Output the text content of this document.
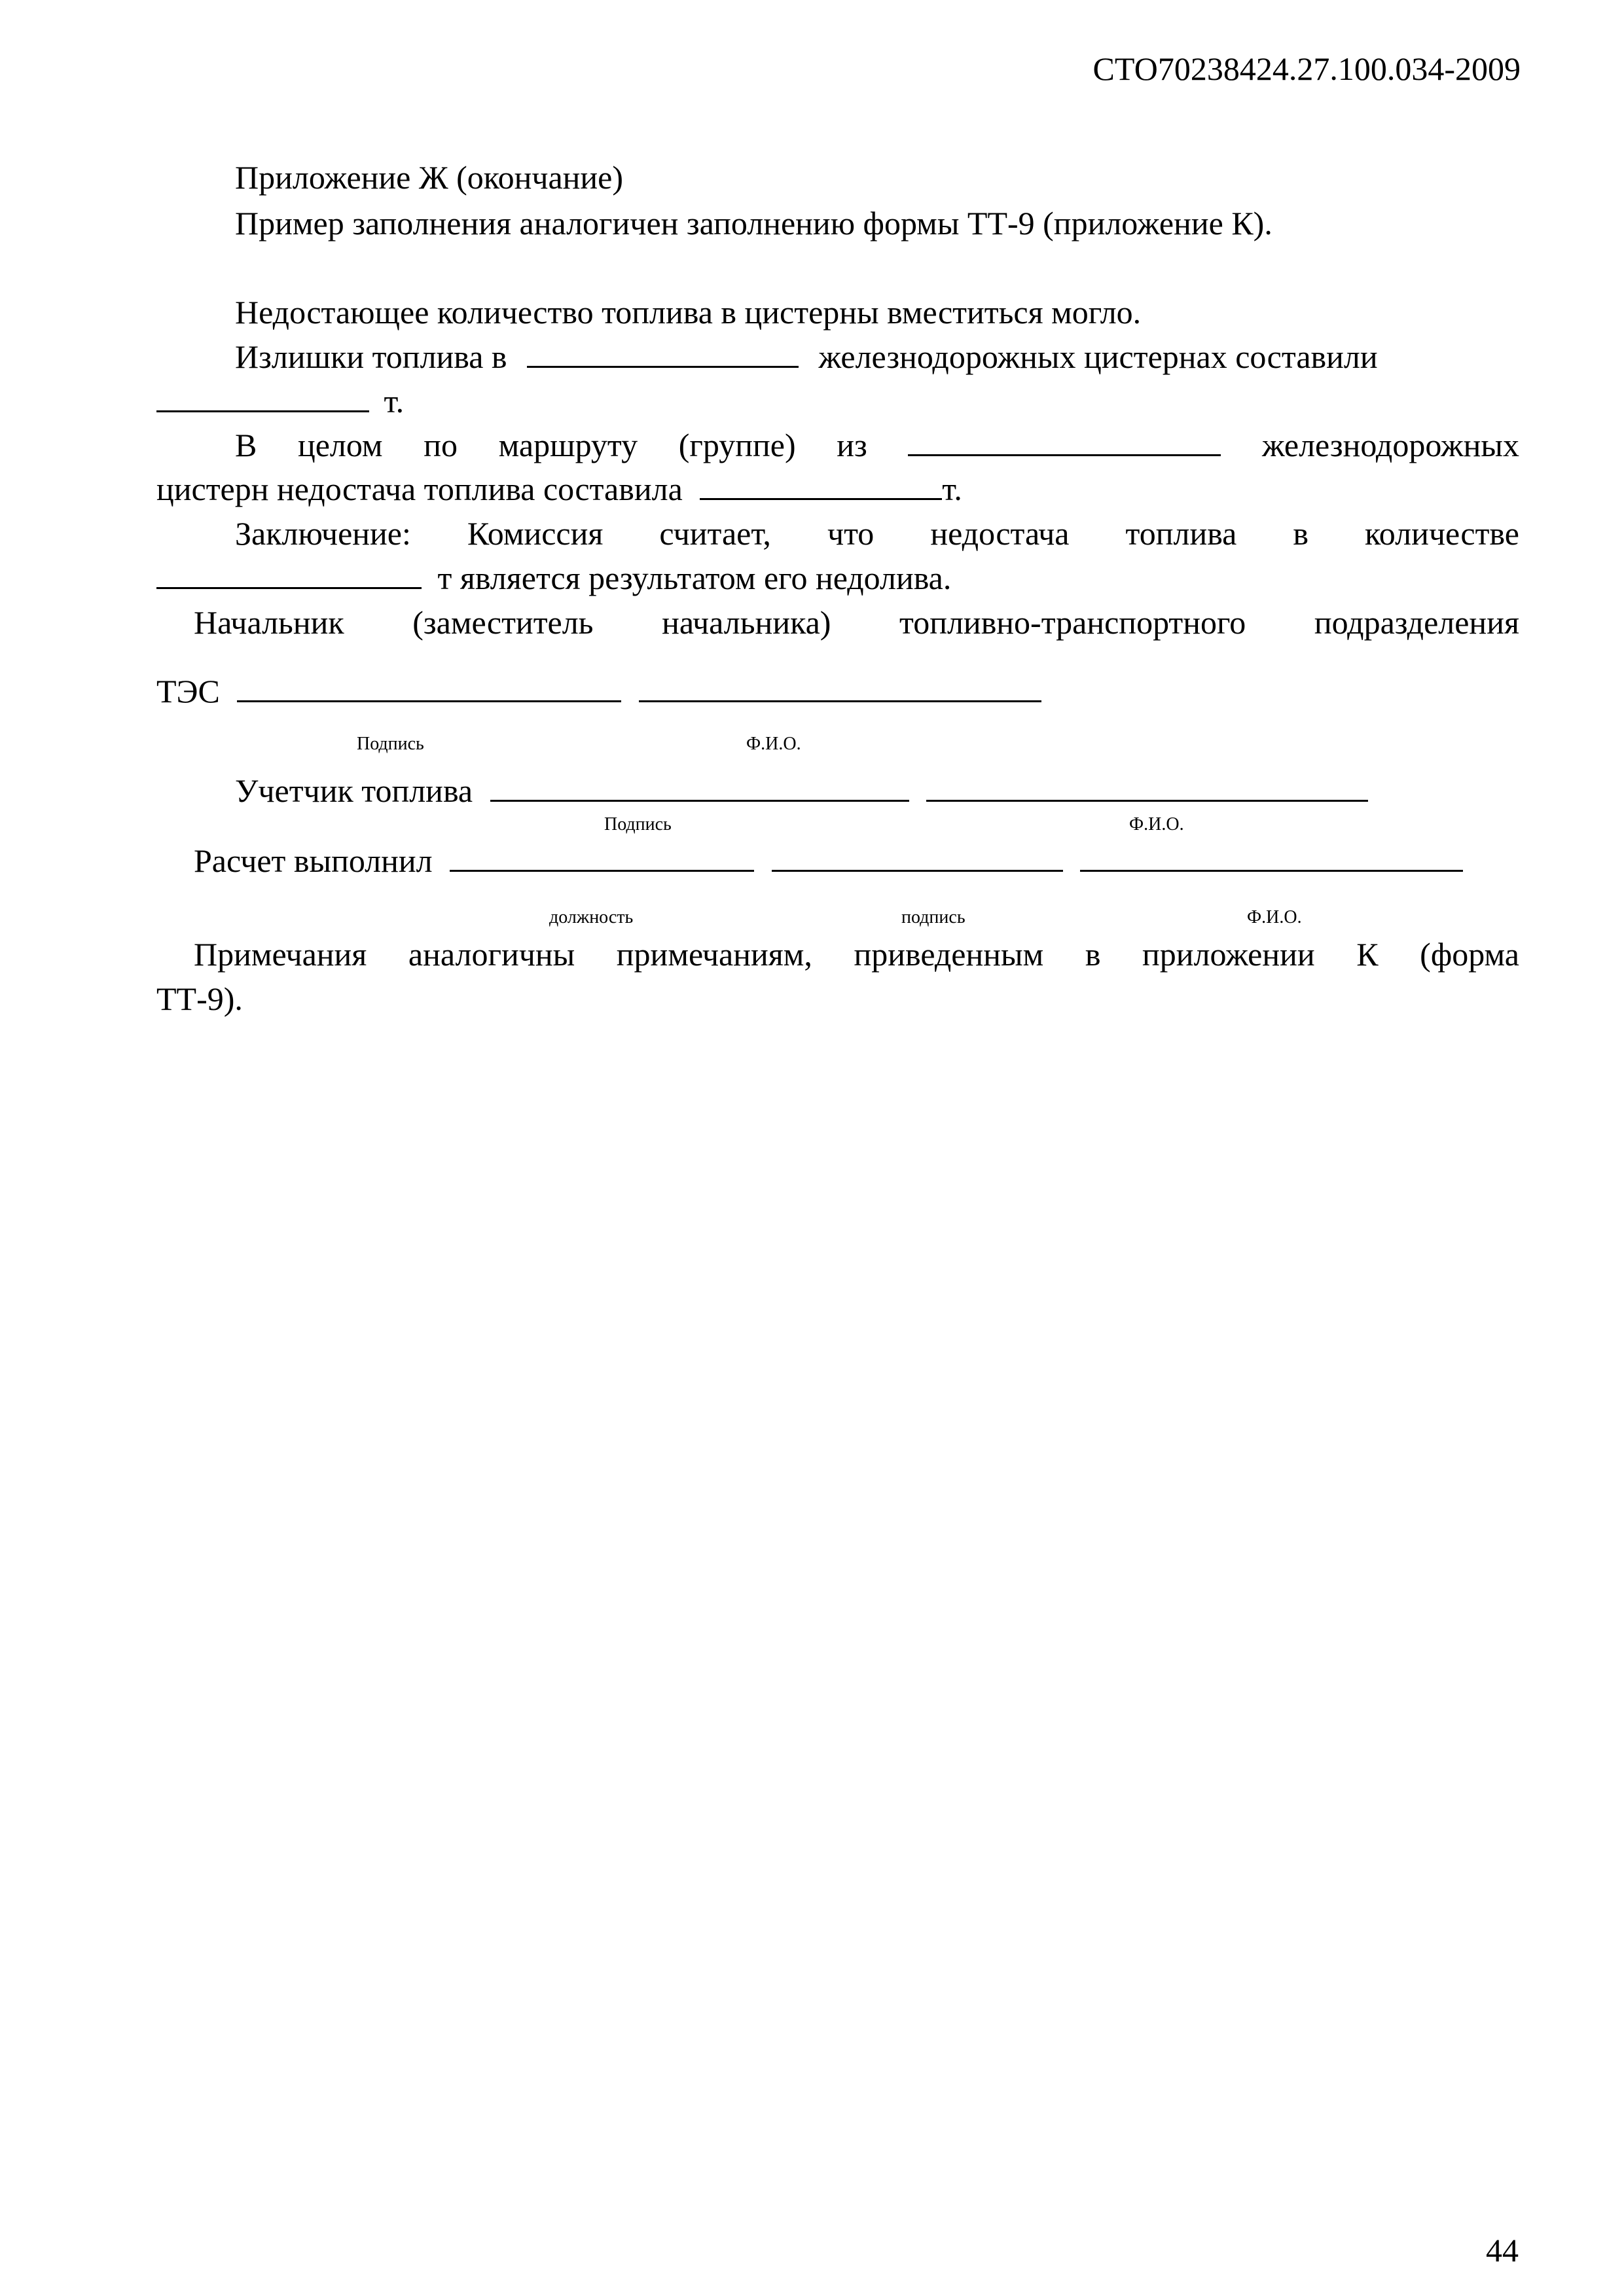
СТО70238424.27.100.034-2009
Приложение Ж (окончание)
Пример заполнения аналогичен заполнению формы ТТ-9 (приложение К).
Недостающее количество топлива в цистерны вместиться могло.
Излишки топлива в	железнодорожных цистернах составили
т.
В целом по маршруту (группе) из	железнодорожных
цистерн недостача топлива составила	т.
Заключение: Комиссия считает, что недостача топлива в количестве
т является результатом его недолива.
Начальник (заместитель начальника) топливно-транспортного подразделения
ТЭС
Подпись	Ф.И.О.
Учетчик топлива
Подпись	Ф.И.О.
Расчет выполнил
должность	подпись	Ф.И.О.
Примечания аналогичны примечаниям, приведенным в приложении К (форма
ТТ-9).
44
